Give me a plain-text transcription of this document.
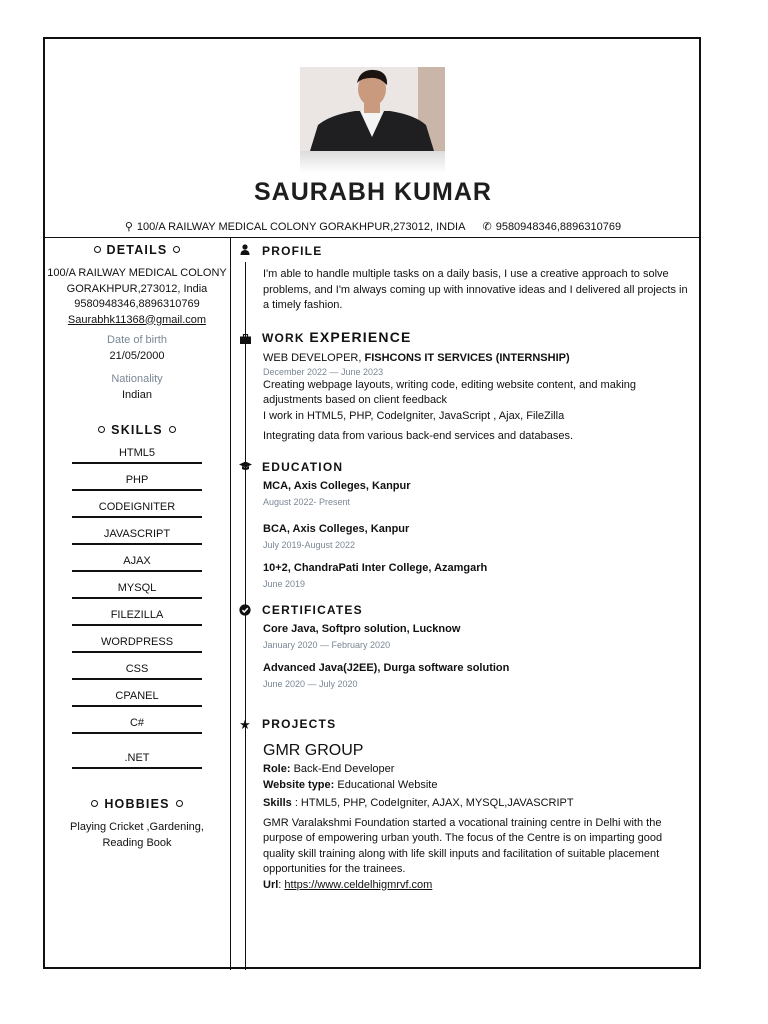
SAURABH KUMAR
⚲ 100/A RAILWAY MEDICAL COLONY GORAKHPUR,273012, INDIA ✆ 9580948346,8896310769
DETAILS
100/A RAILWAY MEDICAL COLONY
GORAKHPUR,273012, India
9580948346,8896310769
Saurabhk11368@gmail.com
Date of birth
21/05/2000
Nationality
Indian
SKILLS
HTML5
PHP
CODEIGNITER
JAVASCRIPT
AJAX
MYSQL
FILEZILLA
WORDPRESS
CSS
CPANEL
C#
.NET
HOBBIES
Playing Cricket ,Gardening,
Reading Book
PROFILE
I'm able to handle multiple tasks on a daily basis, I use a creative approach to solve problems, and I'm always coming up with innovative ideas and I delivered all projects in a timely fashion.
WORK EXPERIENCE
WEB DEVELOPER, FISHCONS IT SERVICES (INTERNSHIP)
December 2022 — June 2023
Creating webpage layouts, writing code, editing website content, and making adjustments based on client feedback
I work in HTML5, PHP, CodeIgniter, JavaScript , Ajax, FileZilla
Integrating data from various back-end services and databases.
EDUCATION
MCA, Axis Colleges, Kanpur
August 2022- Present
BCA, Axis Colleges, Kanpur
July 2019-August 2022
10+2, ChandraPati Inter College, Azamgarh
June 2019
CERTIFICATES
Core Java, Softpro solution, Lucknow
January 2020 — February 2020
Advanced Java(J2EE), Durga software solution
June 2020 — July 2020
★ PROJECTS
GMR GROUP
Role: Back-End Developer
Website type: Educational Website
Skills : HTML5, PHP, CodeIgniter, AJAX, MYSQL,JAVASCRIPT
GMR Varalakshmi Foundation started a vocational training centre in Delhi with the purpose of empowering urban youth. The focus of the Centre is on imparting good quality skill training along with life skill inputs and facilitation of suitable placement opportunities for the trainees.
Url: https://www.celdelhigmrvf.com
